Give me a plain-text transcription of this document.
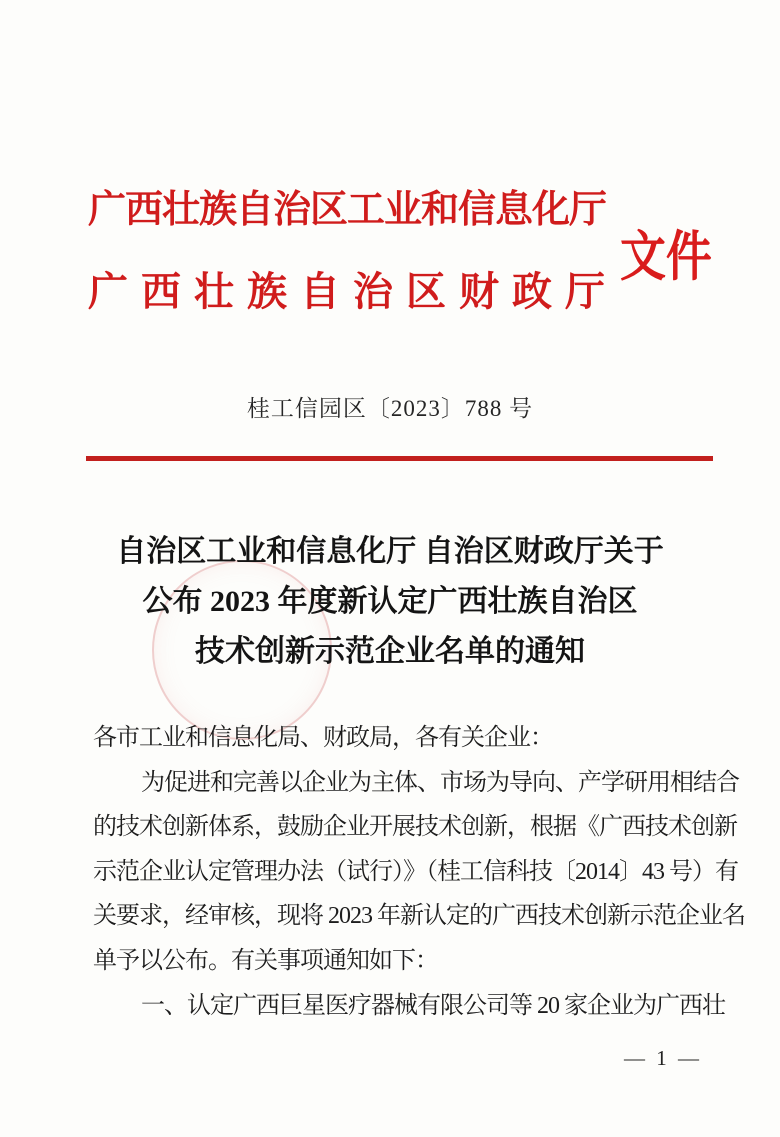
广西壮族自治区工业和信息化厅
文件
广西壮族自治区财政厅
桂工信园区〔2023〕788 号
自治区工业和信息化厅 自治区财政厅关于
公布 2023 年度新认定广西壮族自治区
技术创新示范企业名单的通知
各市工业和信息化局、财政局，各有关企业：
为促进和完善以企业为主体、市场为导向、产学研用相结合
的技术创新体系，鼓励企业开展技术创新，根据《广西技术创新
示范企业认定管理办法（试行）》（桂工信科技〔2014〕43 号）有
关要求，经审核，现将 2023 年新认定的广西技术创新示范企业名
单予以公布。有关事项通知如下：
一、认定广西巨星医疗器械有限公司等 20 家企业为广西壮
— 1 —
